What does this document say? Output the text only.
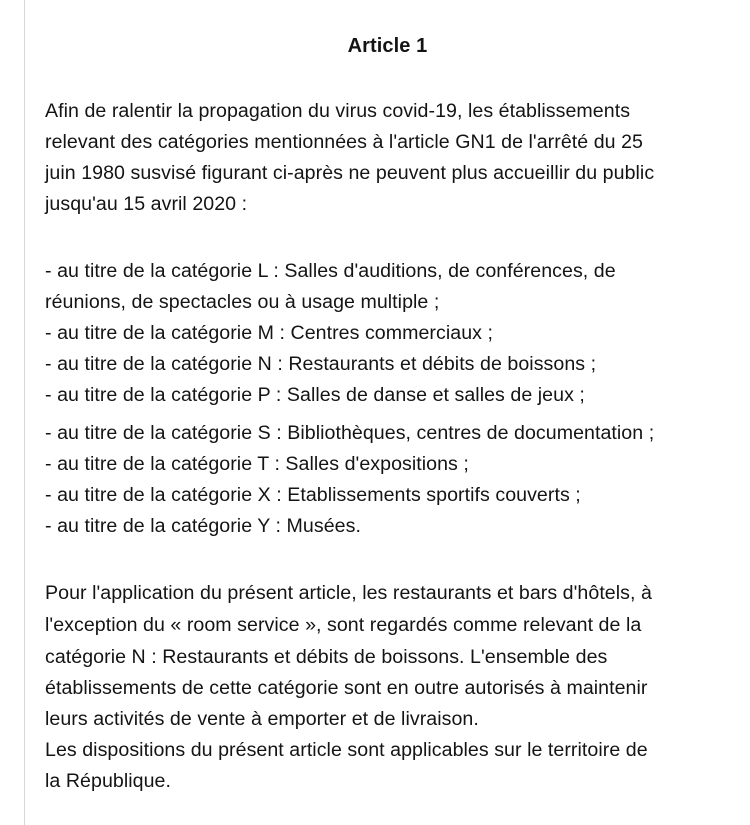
Article 1
Afin de ralentir la propagation du virus covid-19, les établissements
relevant des catégories mentionnées à l'article GN1 de l'arrêté du 25
juin 1980 susvisé figurant ci-après ne peuvent plus accueillir du public
jusqu'au 15 avril 2020 :
- au titre de la catégorie L : Salles d'auditions, de conférences, de
réunions, de spectacles ou à usage multiple ;
- au titre de la catégorie M : Centres commerciaux ;
- au titre de la catégorie N : Restaurants et débits de boissons ;
- au titre de la catégorie P : Salles de danse et salles de jeux ;
- au titre de la catégorie S : Bibliothèques, centres de documentation ;
- au titre de la catégorie T : Salles d'expositions ;
- au titre de la catégorie X : Etablissements sportifs couverts ;
- au titre de la catégorie Y : Musées.
Pour l'application du présent article, les restaurants et bars d'hôtels, à
l'exception du « room service », sont regardés comme relevant de la
catégorie N : Restaurants et débits de boissons. L'ensemble des
établissements de cette catégorie sont en outre autorisés à maintenir
leurs activités de vente à emporter et de livraison.
Les dispositions du présent article sont applicables sur le territoire de
la République.
